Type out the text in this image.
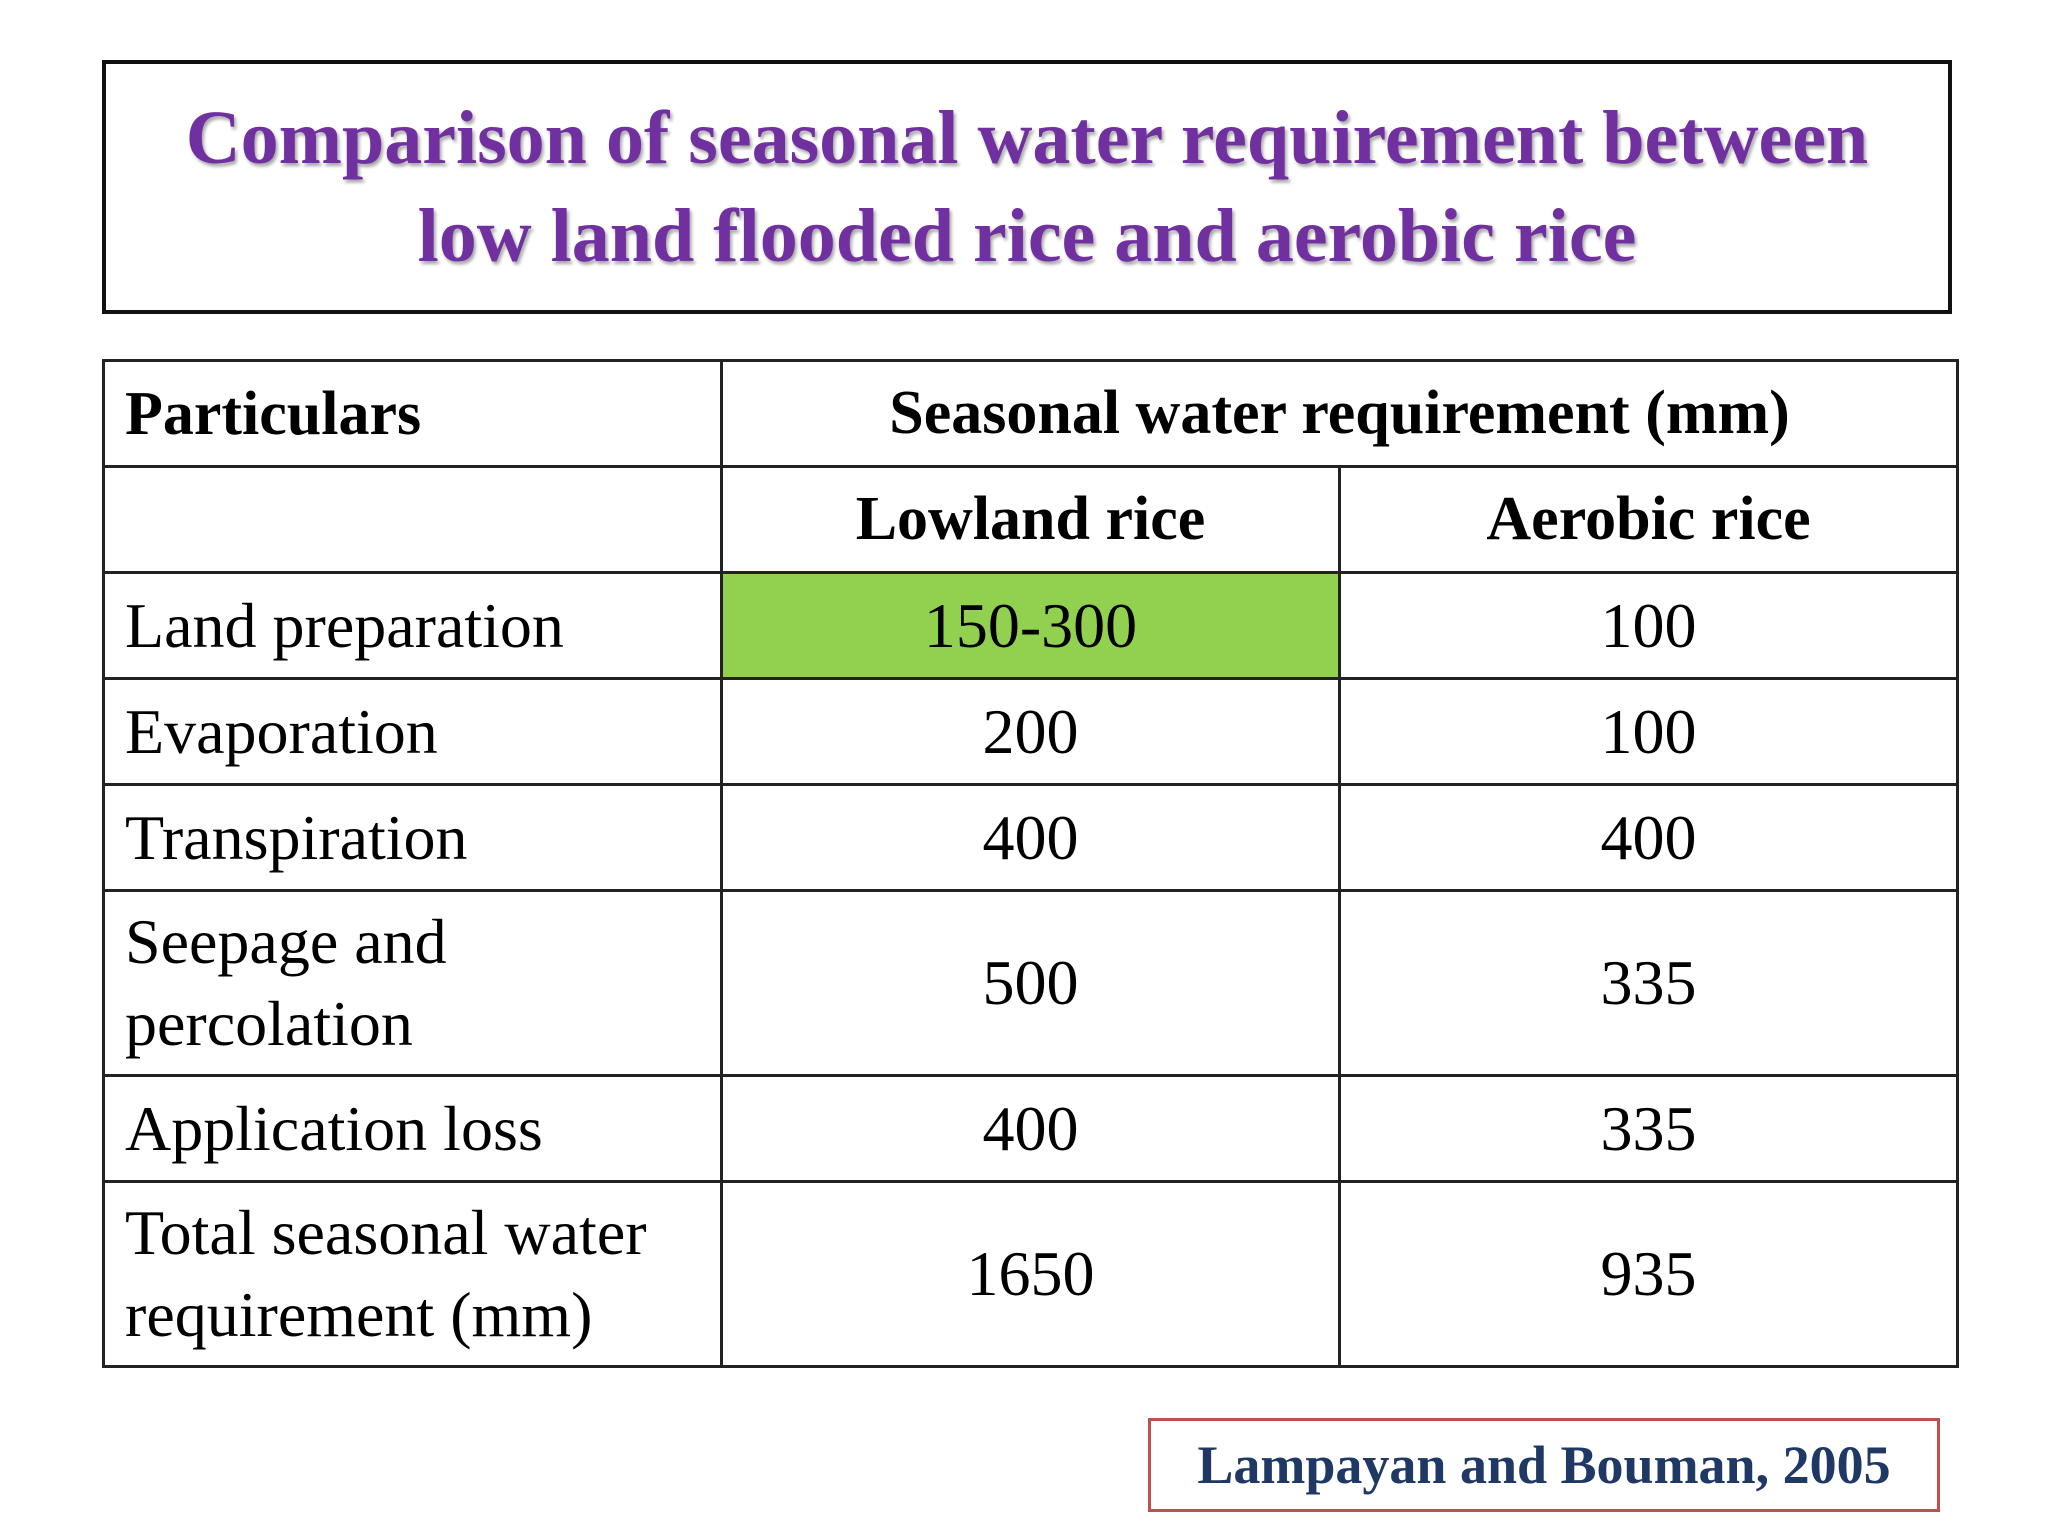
Comparison of seasonal water requirement between
low land flooded rice and aerobic rice
Particulars	Seasonal water requirement (mm)	
	Lowland rice	Aerobic rice
Land preparation	150-300	100
Evaporation	200	100
Transpiration	400	400

Seepage and
percolation	500	335
Application loss	400	335

Total seasonal water
requirement (mm)	1650	935
Lampayan and Bouman, 2005
